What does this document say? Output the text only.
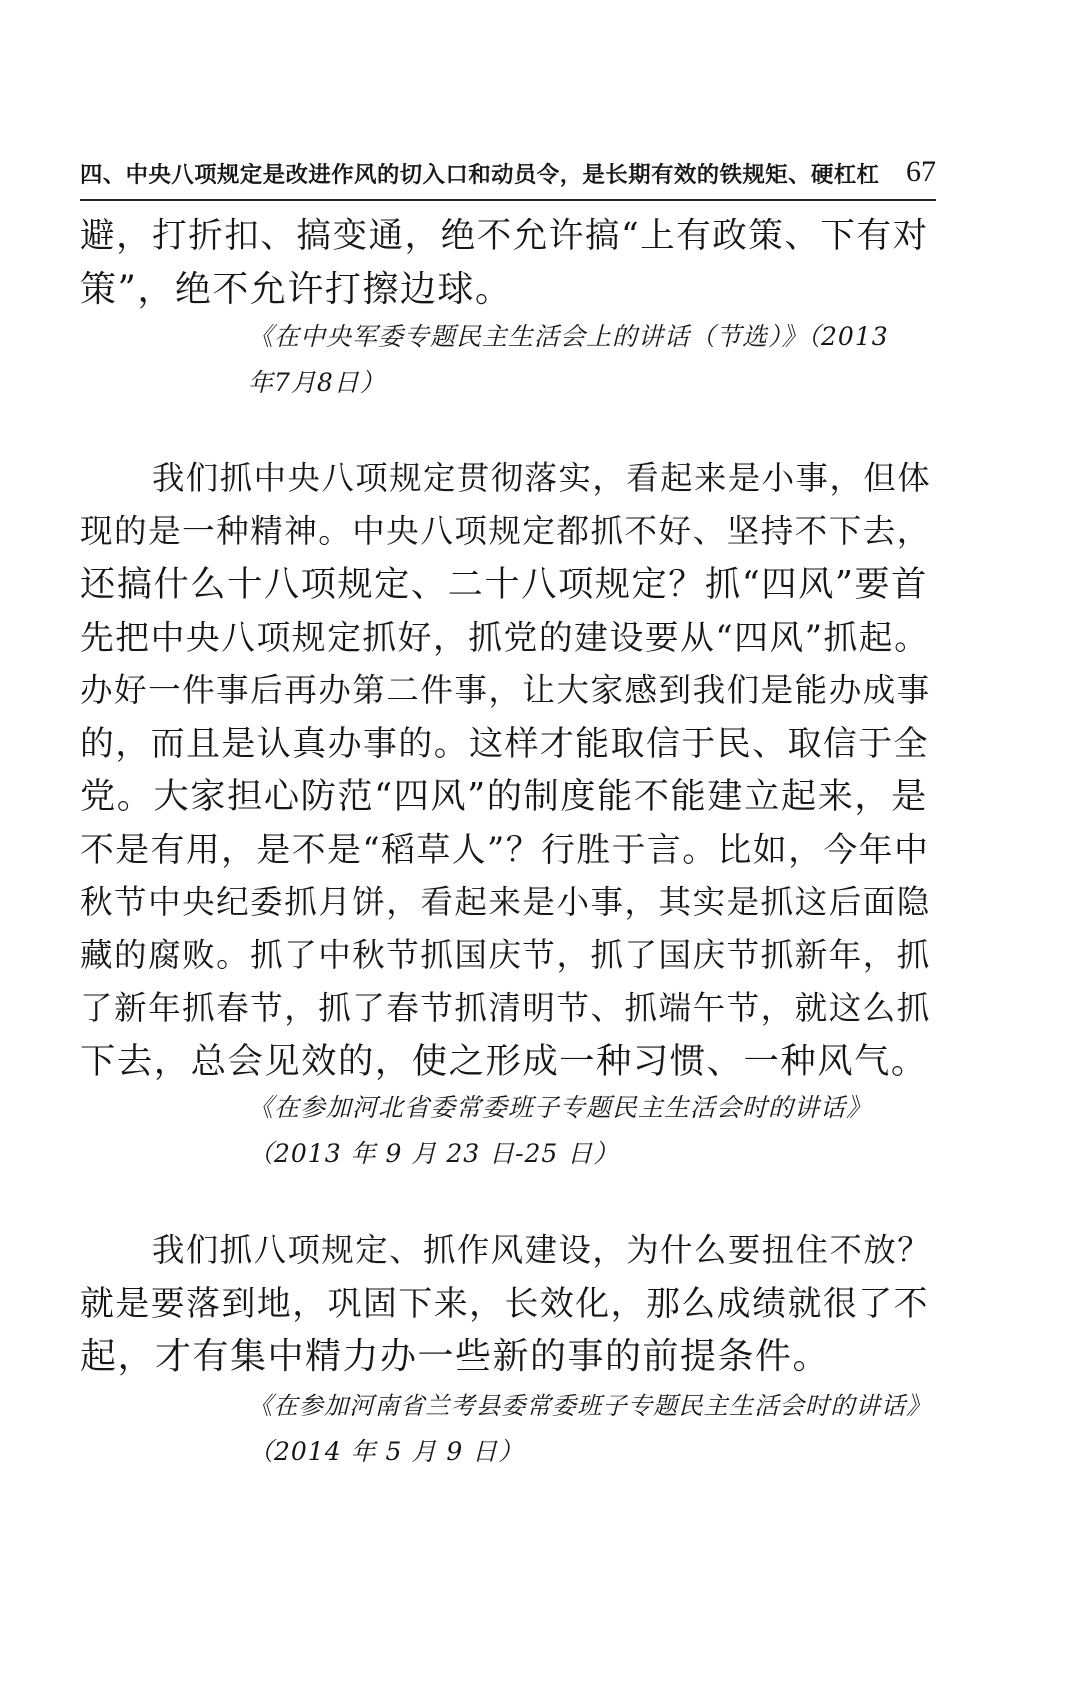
四、中央八项规定是改进作风的切入口和动员令，是长期有效的铁规矩、硬杠杠 67
避，打折扣、搞变通，绝不允许搞“上有政策、下有对
策”，绝不允许打擦边球。
《在中央军委专题民主生活会上的讲话（节选）》（2013
年7月8日）
我们抓中央八项规定贯彻落实，看起来是小事，但体
现的是一种精神。中央八项规定都抓不好、坚持不下去，
还搞什么十八项规定、二十八项规定？抓“四风”要首
先把中央八项规定抓好，抓党的建设要从“四风”抓起。
办好一件事后再办第二件事，让大家感到我们是能办成事
的，而且是认真办事的。这样才能取信于民、取信于全
党。大家担心防范“四风”的制度能不能建立起来，是
不是有用，是不是“稻草人”？行胜于言。比如，今年中
秋节中央纪委抓月饼，看起来是小事，其实是抓这后面隐
藏的腐败。抓了中秋节抓国庆节，抓了国庆节抓新年，抓
了新年抓春节，抓了春节抓清明节、抓端午节，就这么抓
下去，总会见效的，使之形成一种习惯、一种风气。
《在参加河北省委常委班子专题民主生活会时的讲话》
（2013 年 9 月 23 日-25 日）
我们抓八项规定、抓作风建设，为什么要扭住不放？
就是要落到地，巩固下来，长效化，那么成绩就很了不
起，才有集中精力办一些新的事的前提条件。
《在参加河南省兰考县委常委班子专题民主生活会时的讲话》
（2014 年 5 月 9 日）
